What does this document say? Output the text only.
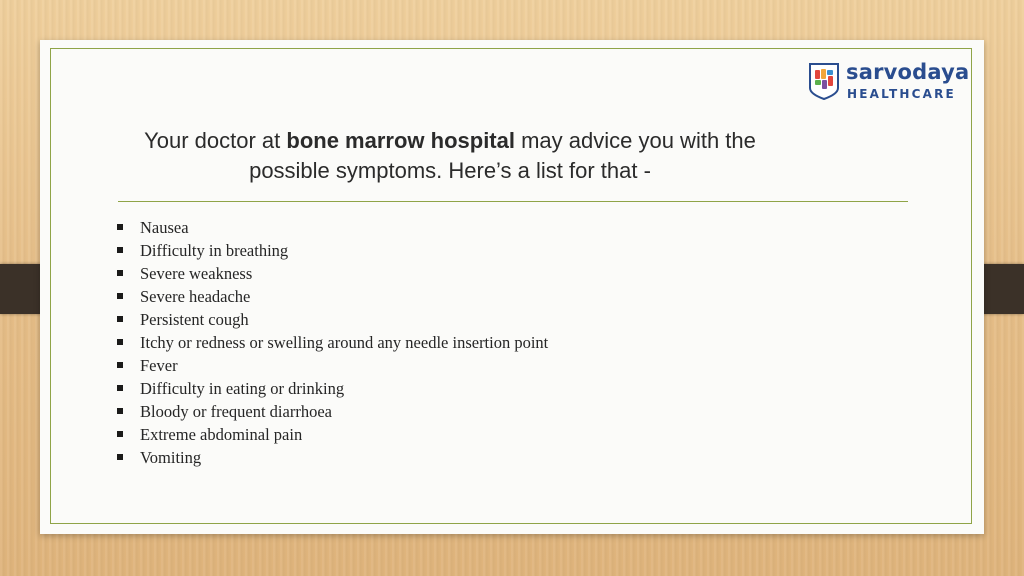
sarvodaya
HEALTHCARE
Your doctor at bone marrow hospital may advice you with the possible symptoms. Here’s a list for that -
Nausea
Difficulty in breathing
Severe weakness
Severe headache
Persistent cough
Itchy or redness or swelling around any needle insertion point
Fever
Difficulty in eating or drinking
Bloody or frequent diarrhoea
Extreme abdominal pain
Vomiting
